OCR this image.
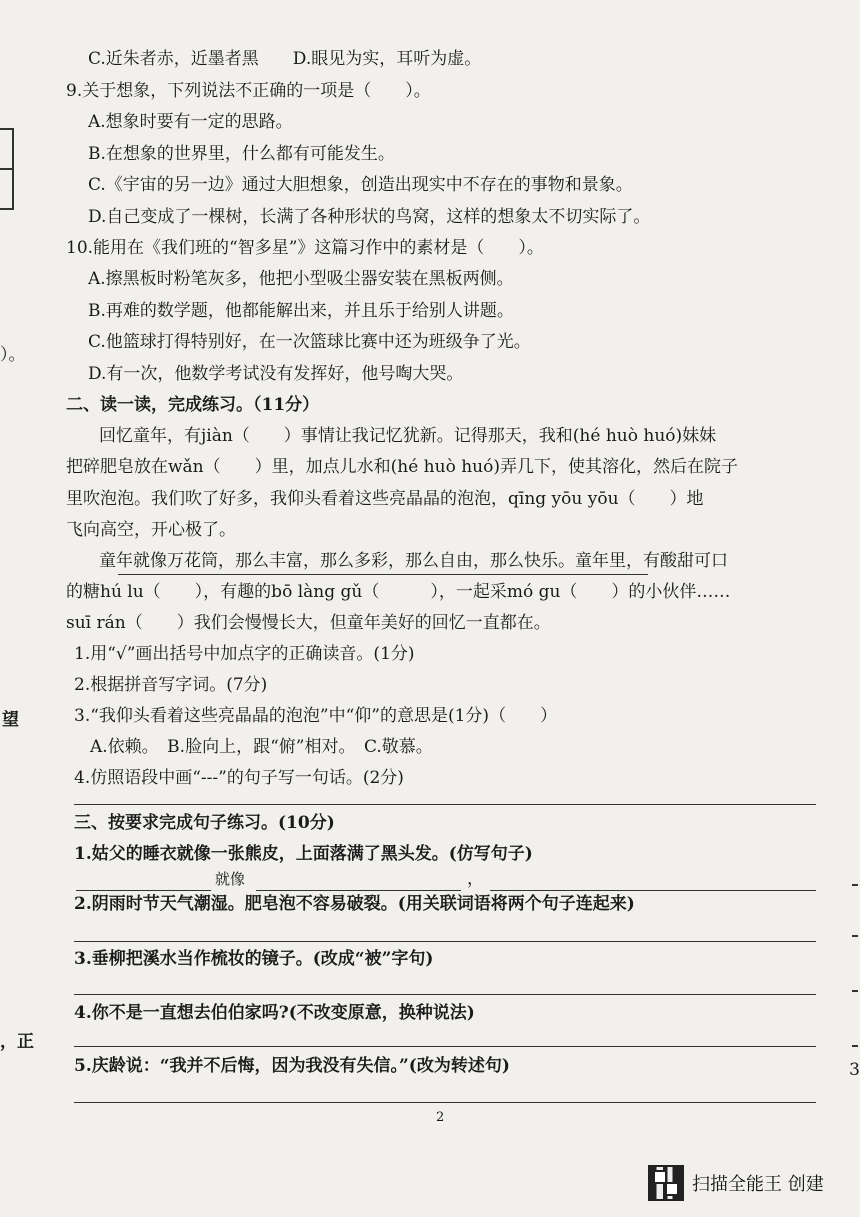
C.近朱者赤，近墨者黑　　D.眼见为实，耳听为虚。
9.关于想象，下列说法不正确的一项是（　　）。
A.想象时要有一定的思路。
B.在想象的世界里，什么都有可能发生。
C.《宇宙的另一边》通过大胆想象，创造出现实中不存在的事物和景象。
D.自己变成了一棵树，长满了各种形状的鸟窝，这样的想象太不切实际了。
10.能用在《我们班的“智多星”》这篇习作中的素材是（　　）。
A.擦黑板时粉笔灰多，他把小型吸尘器安装在黑板两侧。
B.再难的数学题，他都能解出来，并且乐于给别人讲题。
C.他篮球打得特别好，在一次篮球比赛中还为班级争了光。
D.有一次，他数学考试没有发挥好，他号啕大哭。
二、读一读，完成练习。（11分）
　回忆童年，有jiàn（　　）事情让我记忆犹新。记得那天，我和(hé huò huó)妹妹
把碎肥皂放在wǎn（　　）里，加点儿水和(hé huò huó)弄几下，使其溶化，然后在院子
里吹泡泡。我们吹了好多，我仰头看着这些亮晶晶的泡泡，qīng yōu yōu（　　）地
飞向高空，开心极了。
　童年就像万花筒，那么丰富，那么多彩，那么自由，那么快乐。童年里，有酸甜可口
的糖hú lu（　　），有趣的bō làng gǔ（　　　），一起采mó gu（　　）的小伙伴……
suī rán（　　）我们会慢慢长大，但童年美好的回忆一直都在。
1.用“√”画出括号中加点字的正确读音。(1分)
2.根据拼音写字词。(7分)
3.“我仰头看着这些亮晶晶的泡泡”中“仰”的意思是(1分)（　　）
A.依赖。　B.脸向上，跟“俯”相对。　C.敬慕。
4.仿照语段中画“---”的句子写一句话。(2分)
三、按要求完成句子练习。(10分)
1.姑父的睡衣就像一张熊皮，上面落满了黑头发。(仿写句子)
就像	，
2.阴雨时节天气潮湿。肥皂泡不容易破裂。(用关联词语将两个句子连起来)
3.垂柳把溪水当作梳妆的镜子。(改成“被”字句)
4.你不是一直想去伯伯家吗?(不改变原意，换种说法)
5.庆龄说：“我并不后悔，因为我没有失信。”(改为转述句)
2
）。
望
，正
3
扫描全能王 创建
